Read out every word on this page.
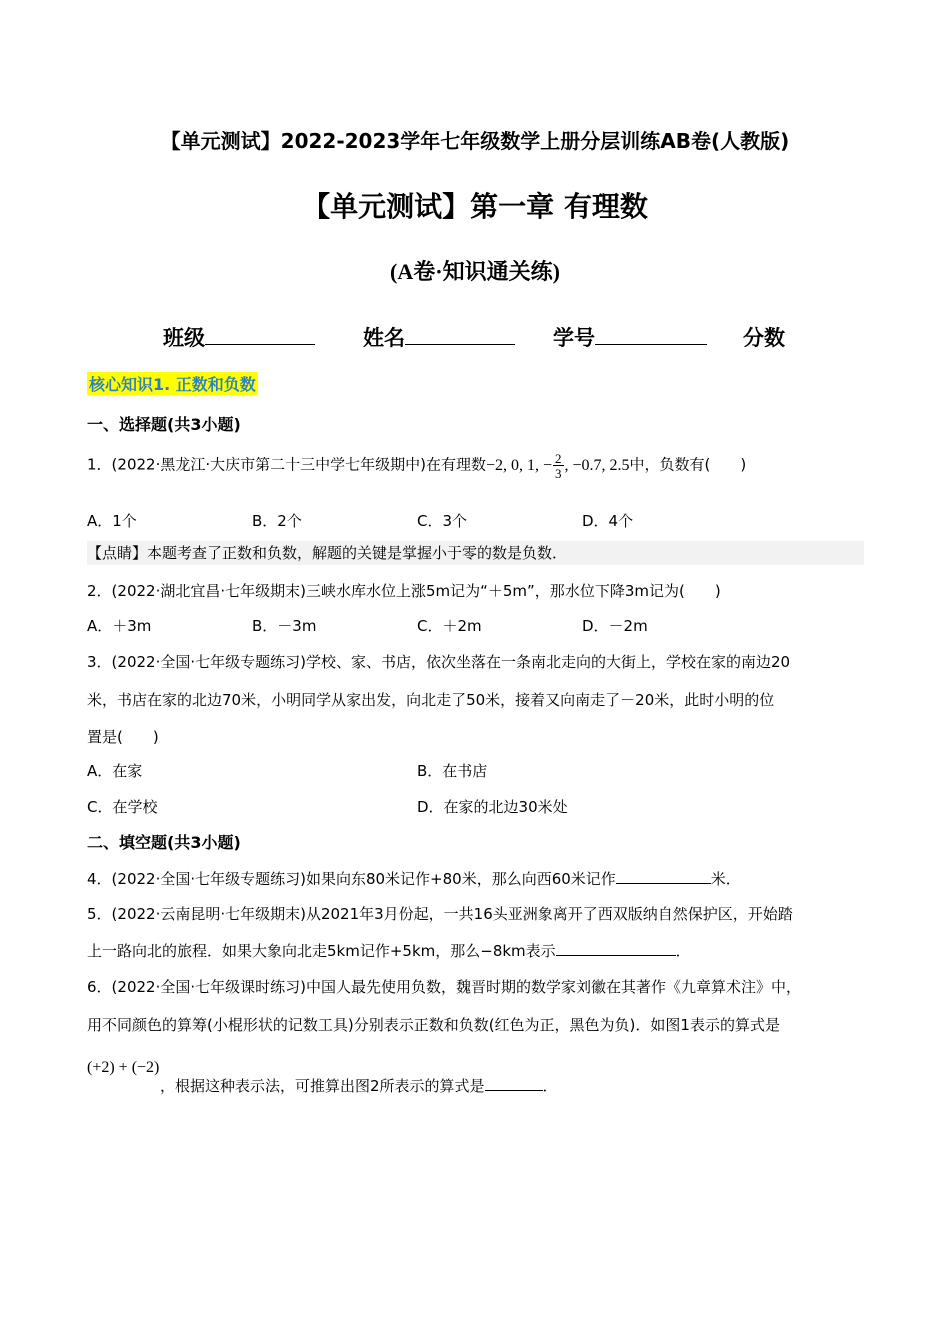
【单元测试】2022-2023学年七年级数学上册分层训练AB卷(人教版)
【单元测试】第一章 有理数
(A卷·知识通关练)
班级	姓名	学号	分数
核心知识1. 正数和负数
一、选择题(共3小题)
1．(2022·黑龙江·大庆市第二十三中学七年级期中)在有理数−2, 0, 1, − $\frac{2}{3}$ , −0.7, 2.5中，负数有(　　)
A．1个	B．2个	C．3个	D．4个
【点睛】本题考查了正数和负数，解题的关键是掌握小于零的数是负数．
2．(2022·湖北宜昌·七年级期末)三峡水库水位上涨5m记为“＋5m”，那水位下降3m记为(　　)
A．＋3m	B．－3m	C．＋2m	D．－2m
3．(2022·全国·七年级专题练习)学校、家、书店，依次坐落在一条南北走向的大街上，学校在家的南边20
米，书店在家的北边70米，小明同学从家出发，向北走了50米，接着又向南走了－20米，此时小明的位
置是(　　)
A．在家	B．在书店
C．在学校	D．在家的北边30米处
二、填空题(共3小题)
4．(2022·全国·七年级专题练习)如果向东80米记作+80米，那么向西60米记作	米．
5．(2022·云南昆明·七年级期末)从2021年3月份起，一共16头亚洲象离开了西双版纳自然保护区，开始踏
上一路向北的旅程．如果大象向北走5km记作+5km，那么−8km表示	．
6．(2022·全国·七年级课时练习)中国人最先使用负数，魏晋时期的数学家刘徽在其著作《九章算术注》中，
用不同颜色的算筹(小棍形状的记数工具)分别表示正数和负数(红色为正，黑色为负)．如图1表示的算式是
(+2) + (−2)
，根据这种表示法，可推算出图2所表示的算式是	．
